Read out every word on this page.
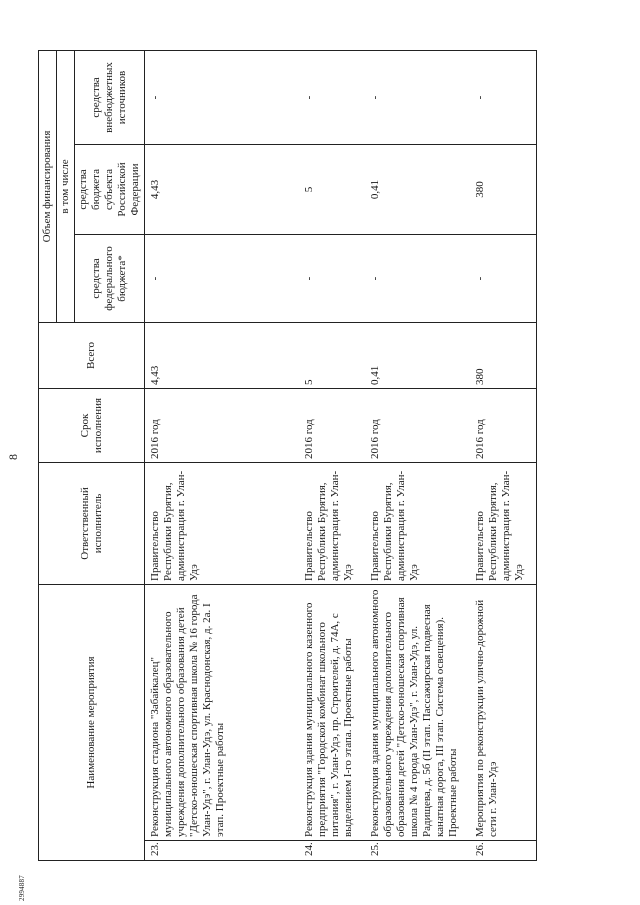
8
2994887
Наименование мероприятия		Ответственный исполнитель	Срок исполнения	Всего	Объем финансирования		
					в том числе		
					средства федерального бюджета*	средства бюджета субъекта Российской Федерации	средства внебюджетных источников
23.	Реконструкция стадиона "Забайкалец" муниципального автономного образовательного учреждения дополнительного образования детей "Детско-юношеская спортивная школа № 16 города Улан-Удэ", г. Улан-Удэ, ул. Краснодонская, д. 2а. I этап. Проектные работы	Правительство Республики Бурятия, администрация г. Улан-Удэ	2016 год	4,43	-	4,43	-
24.	Реконструкция здания муниципального казенного предприятия "Городской комбинат школьного питания", г. Улан-Удэ, пр. Строителей, д. 74А, с выделением I-го этапа. Проектные работы	Правительство Республики Бурятия, администрация г. Улан-Удэ	2016 год	5	-	5	-
25.	Реконструкция здания муниципального автономного образовательного учреждения дополнительного образования детей "Детско-юношеская спортивная школа № 4 города Улан-Удэ", г. Улан-Удэ, ул. Радищева, д. 5б (II этап. Пассажирская подвесная канатная дорога, III этап. Система освещения). Проектные работы	Правительство Республики Бурятия, администрация г. Улан-Удэ	2016 год	0,41	-	0,41	-
26.	Мероприятия по реконструкции улично-дорожной сети г. Улан-Удэ	Правительство Республики Бурятия, администрация г. Улан-Удэ	2016 год	380	-	380	-
